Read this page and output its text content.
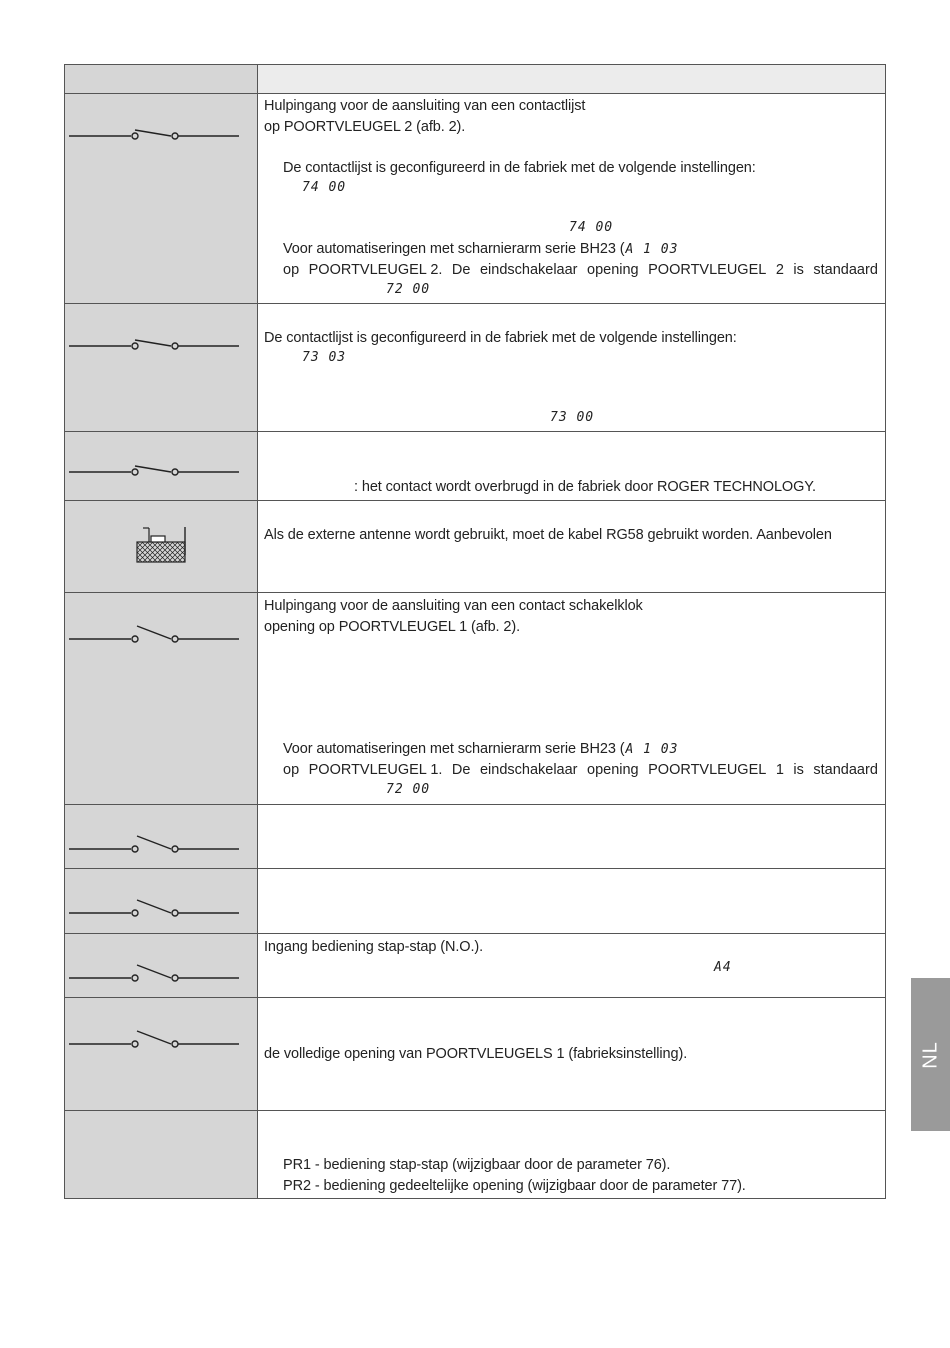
Hulpingang voor de aansluiting van een contactlijst
op POORTVLEUGEL 2 (afb. 2).
De contactlijst is geconfigureerd in de fabriek met de volgende instellingen:
74 00
74 00
Voor automatiseringen met scharnierarm serie BH23 (A 1 03
op POORTVLEUGEL 2. De eindschakelaar opening POORTVLEUGEL 2 is standaard
72 00
De contactlijst is geconfigureerd in de fabriek met de volgende instellingen:
73 03
73 00
: het contact wordt overbrugd in de fabriek door ROGER TECHNOLOGY.
Als de externe antenne wordt gebruikt, moet de kabel RG58 gebruikt worden. Aanbevolen
Hulpingang voor de aansluiting van een contact schakelklok
opening op POORTVLEUGEL 1 (afb. 2).
Voor automatiseringen met scharnierarm serie BH23 (A 1 03
op POORTVLEUGEL 1. De eindschakelaar opening POORTVLEUGEL 1 is standaard
72 00
Ingang bediening stap-stap (N.O.).
A4
de volledige opening van POORTVLEUGELS 1 (fabrieksinstelling).
PR1 - bediening stap-stap (wijzigbaar door de parameter 76).
PR2 - bediening gedeeltelijke opening (wijzigbaar door de parameter 77).
NL
